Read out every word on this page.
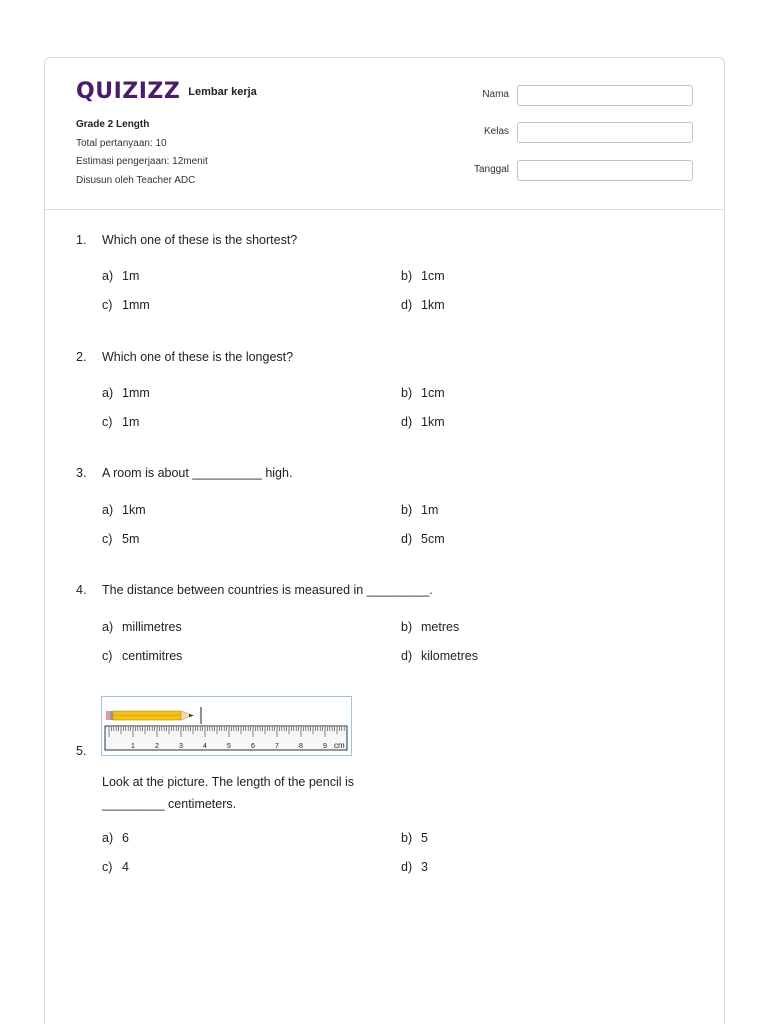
QUIZIZZ Lembar kerja
Grade 2 Length
Total pertanyaan: 10
Estimasi pengerjaan: 12menit
Disusun oleh Teacher ADC
Nama
Kelas
Tanggal
1. Which one of these is the shortest?
a) 1m	b) 1cm
c) 1mm	d) 1km
2. Which one of these is the longest?
a) 1mm	b) 1cm
c) 1m	d) 1km
3. A room is about __________ high.
a) 1km	b) 1m
c) 5m	d) 5cm
4. The distance between countries is measured in _________.
a) millimetres	b) metres
c) centimitres	d) kilometres
1	2	3	4	5	6	7	8	9 cm
5.
Look at the picture. The length of the pencil is _________ centimeters.
a) 6	b) 5
c) 4	d) 3
